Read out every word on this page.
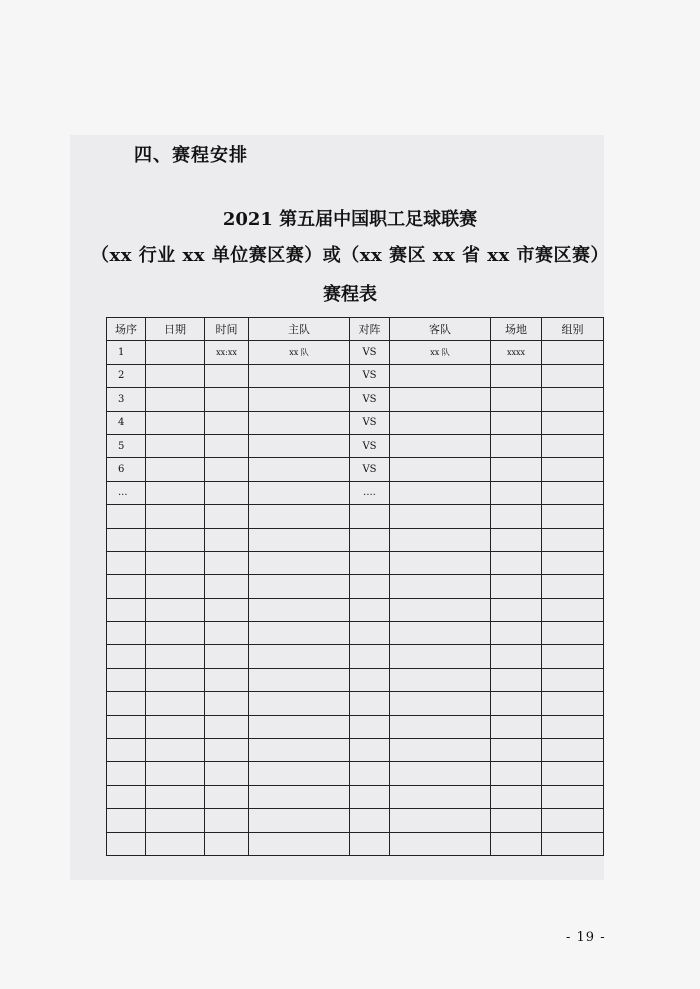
四、赛程安排
2021 第五届中国职工足球联赛
（xx 行业 xx 单位赛区赛）或（xx 赛区 xx 省 xx 市赛区赛）
赛程表
场序	日期	时间	主队	对阵	客队	场地	组别
1		xx:xx	xx 队	VS	xx 队	xxxx	
2				VS			
3				VS			
4				VS			
5				VS			
6				VS			
...				....			

- 19 -
